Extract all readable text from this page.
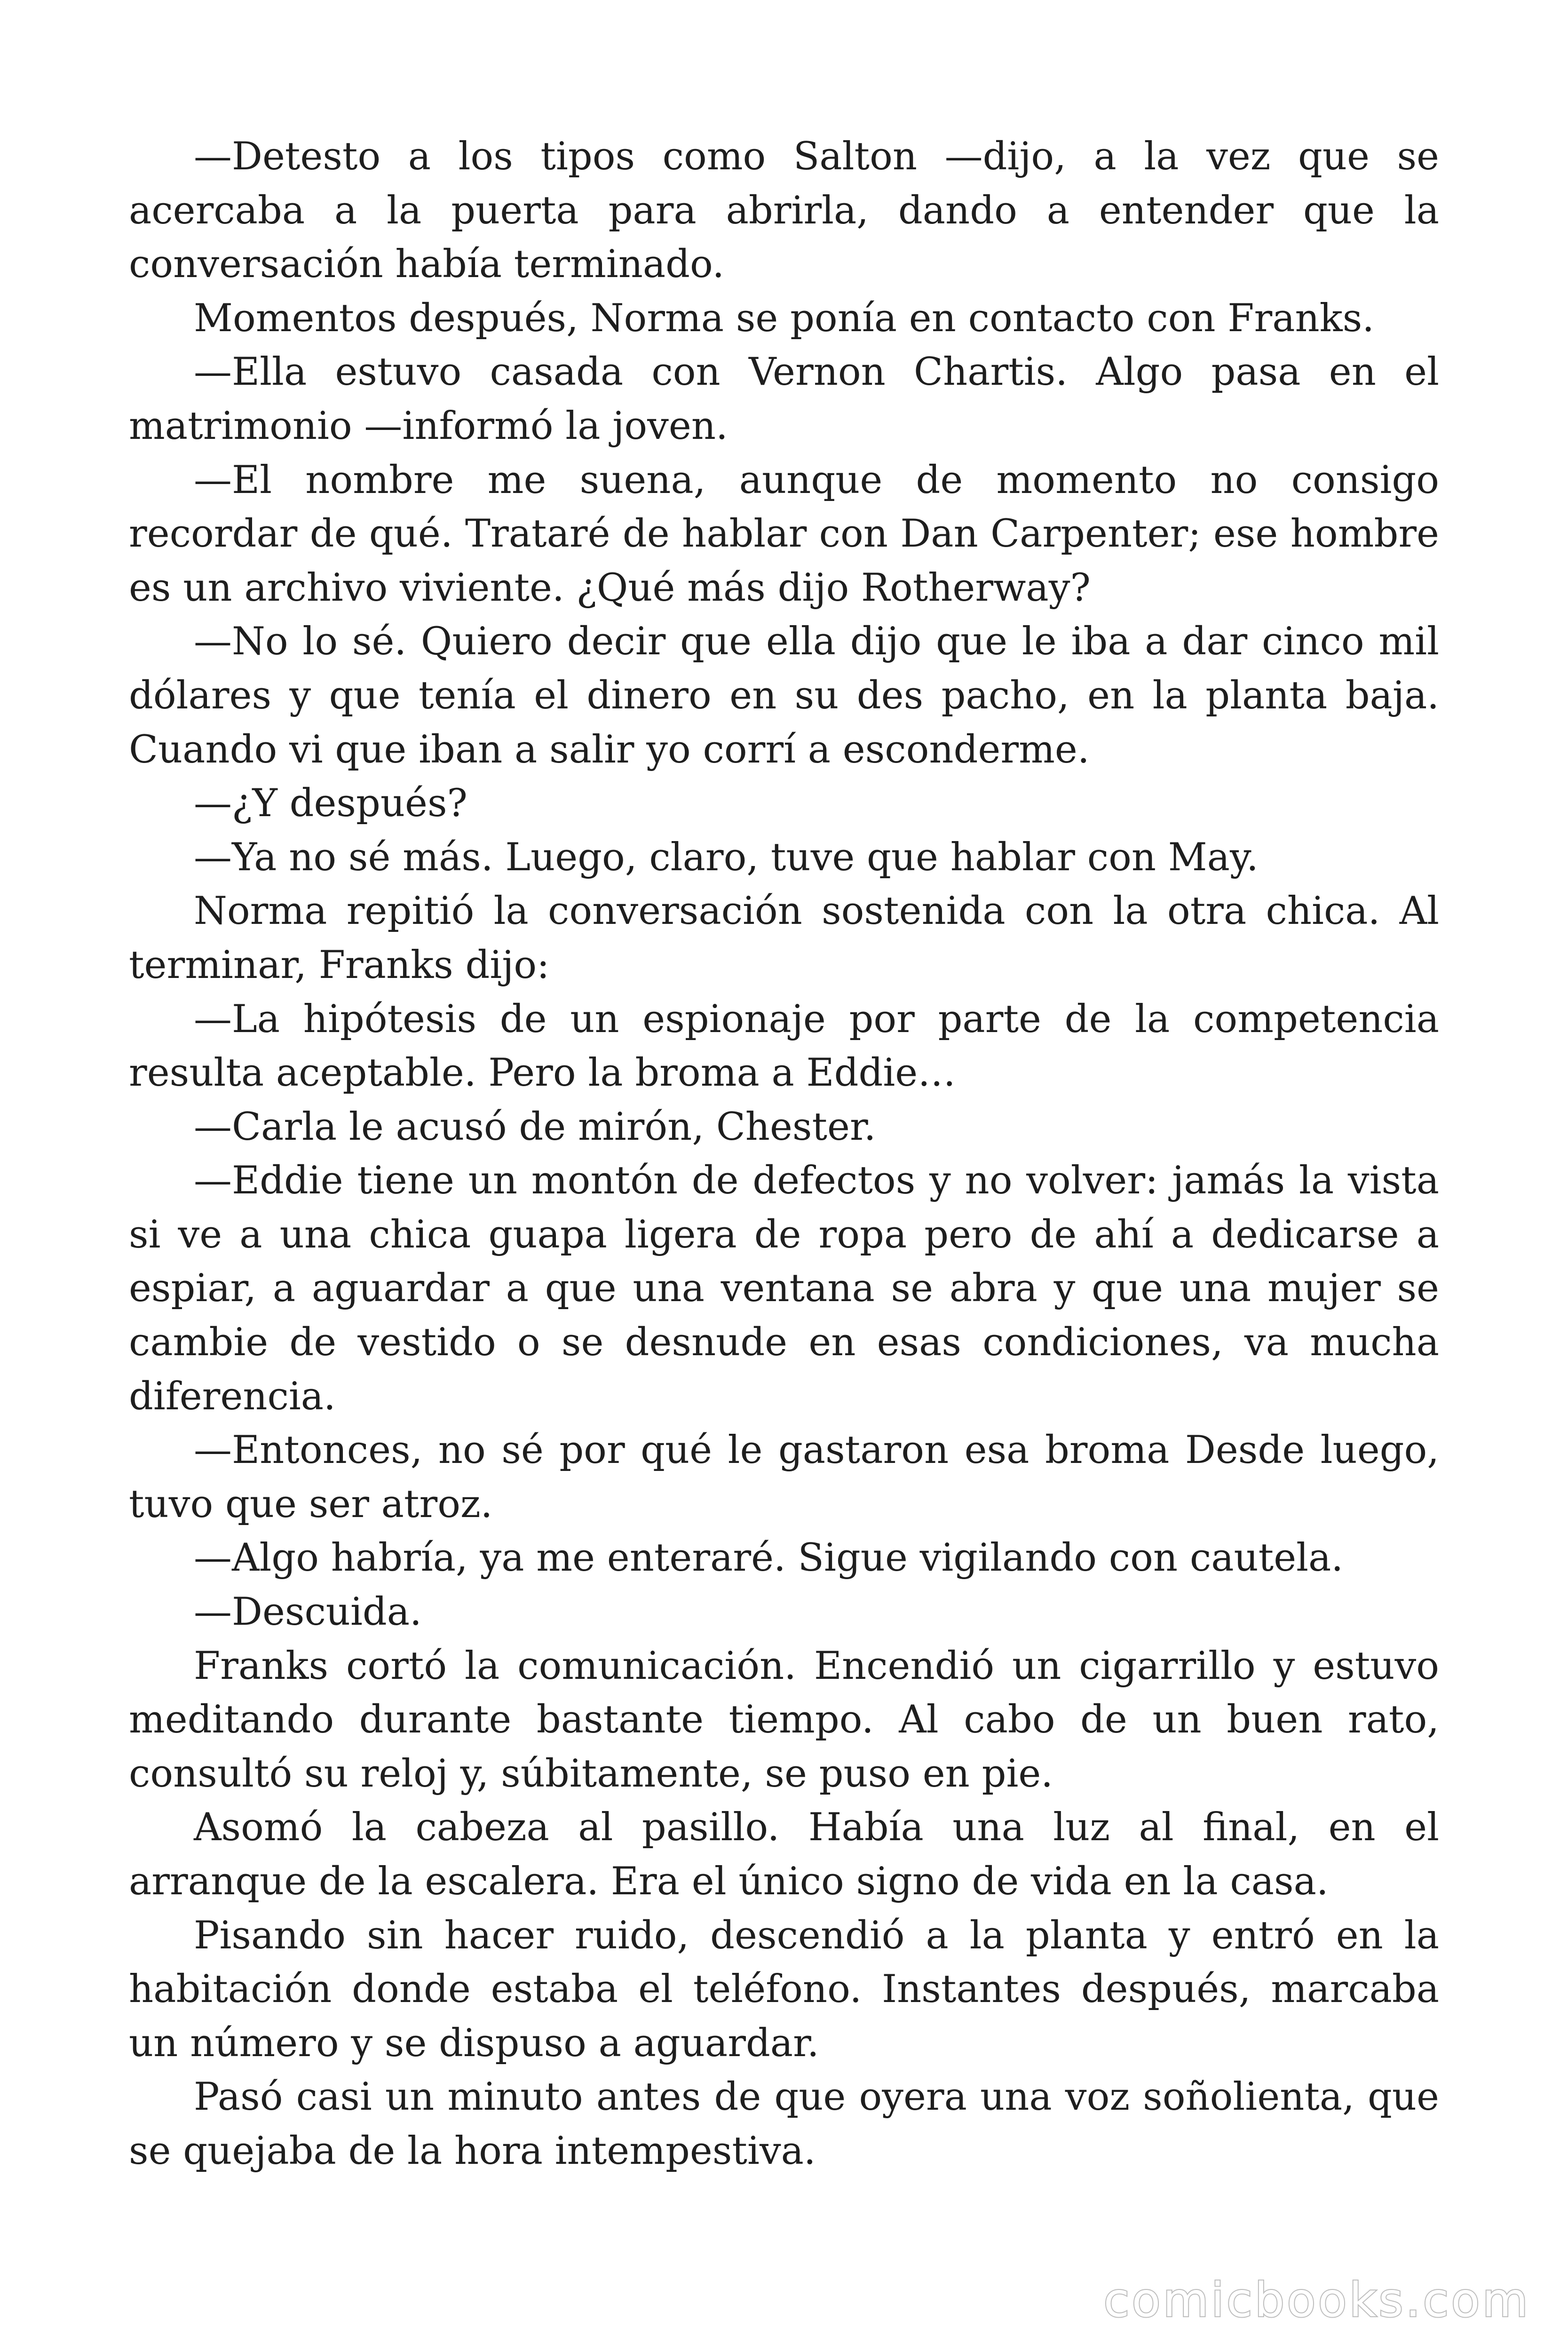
—Detesto a los tipos como Salton —dijo, a la vez que se acercaba a la puerta para abrirla, dando a entender que la conversación había terminado.

Momentos después, Norma se ponía en contacto con Franks.

—Ella estuvo casada con Vernon Chartis. Algo pasa en el matrimonio —informó la joven.

—El nombre me suena, aunque de momento no consigo recordar de qué. Trataré de hablar con Dan Carpenter; ese hombre es un archivo viviente. ¿Qué más dijo Rotherway?

—No lo sé. Quiero decir que ella dijo que le iba a dar cinco mil dólares y que tenía el dinero en su des pacho, en la planta baja. Cuando vi que iban a salir yo corrí a esconderme.

—¿Y después?

—Ya no sé más. Luego, claro, tuve que hablar con May.

Norma repitió la conversación sostenida con la otra chica. Al terminar, Franks dijo:

—La hipótesis de un espionaje por parte de la competencia resulta aceptable. Pero la broma a Eddie…

—Carla le acusó de mirón, Chester.

—Eddie tiene un montón de defectos y no volver: jamás la vista si ve a una chica guapa ligera de ropa pero de ahí a dedicarse a espiar, a aguardar a que una ventana se abra y que una mujer se cambie de vestido o se desnude en esas condiciones, va mucha diferencia.

—Entonces, no sé por qué le gastaron esa broma Desde luego, tuvo que ser atroz.

—Algo habría, ya me enteraré. Sigue vigilando con cautela.

—Descuida.

Franks cortó la comunicación. Encendió un cigarrillo y estuvo meditando durante bastante tiempo. Al cabo de un buen rato, consultó su reloj y, súbitamente, se puso en pie.

Asomó la cabeza al pasillo. Había una luz al final, en el arranque de la escalera. Era el único signo de vida en la casa.

Pisando sin hacer ruido, descendió a la planta y entró en la habitación donde estaba el teléfono. Instantes después, marcaba un número y se dispuso a aguardar.

Pasó casi un minuto antes de que oyera una voz soñolienta, que se quejaba de la hora intempestiva.

comicbooks.com
